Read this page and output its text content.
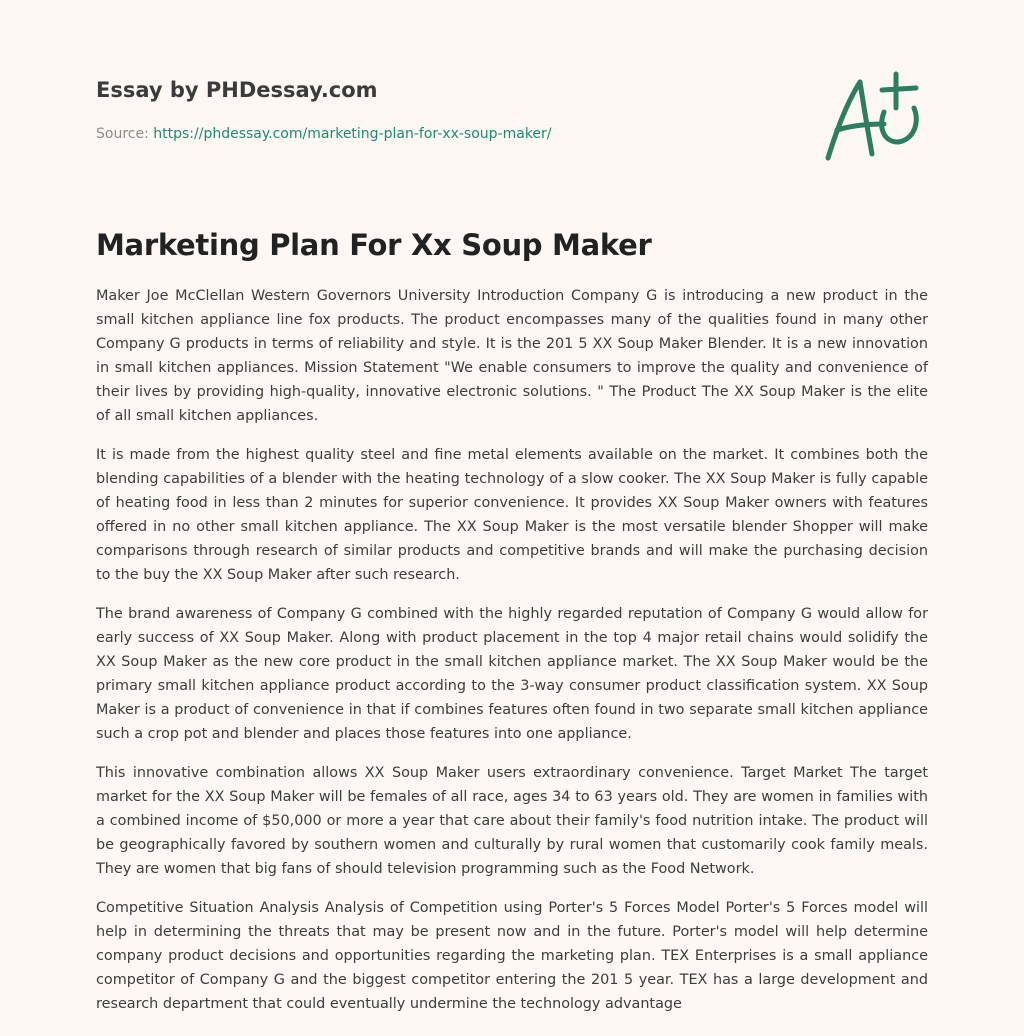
Essay by PHDessay.com
Source: https://phdessay.com/marketing-plan-for-xx-soup-maker/
Marketing Plan For Xx Soup Maker

Maker Joe McClellan Western Governors University Introduction Company G is introducing a new product in the small kitchen appliance line fox products. The product encompasses many of the qualities found in many other Company G products in terms of reliability and style. It is the 201 5 XX Soup Maker Blender. It is a new innovation in small kitchen appliances. Mission Statement "We enable consumers to improve the quality and convenience of their lives by providing high-quality, innovative electronic solutions. " The Product The XX Soup Maker is the elite of all small kitchen appliances.

It is made from the highest quality steel and fine metal elements available on the market. It combines both the blending capabilities of a blender with the heating technology of a slow cooker. The XX Soup Maker is fully capable of heating food in less than 2 minutes for superior convenience. It provides XX Soup Maker owners with features offered in no other small kitchen appliance. The XX Soup Maker is the most versatile blender Shopper will make comparisons through research of similar products and competitive brands and will make the purchasing decision to the buy the XX Soup Maker after such research.

The brand awareness of Company G combined with the highly regarded reputation of Company G would allow for early success of XX Soup Maker. Along with product placement in the top 4 major retail chains would solidify the XX Soup Maker as the new core product in the small kitchen appliance market. The XX Soup Maker would be the primary small kitchen appliance product according to the 3-way consumer product classification system. XX Soup Maker is a product of convenience in that if combines features often found in two separate small kitchen appliance such a crop pot and blender and places those features into one appliance.

This innovative combination allows XX Soup Maker users extraordinary convenience. Target Market The target market for the XX Soup Maker will be females of all race, ages 34 to 63 years old. They are women in families with a combined income of $50,000 or more a year that care about their family's food nutrition intake. The product will be geographically favored by southern women and culturally by rural women that customarily cook family meals. They are women that big fans of should television programming such as the Food Network.

Competitive Situation Analysis Analysis of Competition using Porter's 5 Forces Model Porter's 5 Forces model will help in determining the threats that may be present now and in the future. Porter's model will help determine company product decisions and opportunities regarding the marketing plan. TEX Enterprises is a small appliance competitor of Company G and the biggest competitor entering the 201 5 year. TEX has a large development and research department that could eventually undermine the technology advantage
